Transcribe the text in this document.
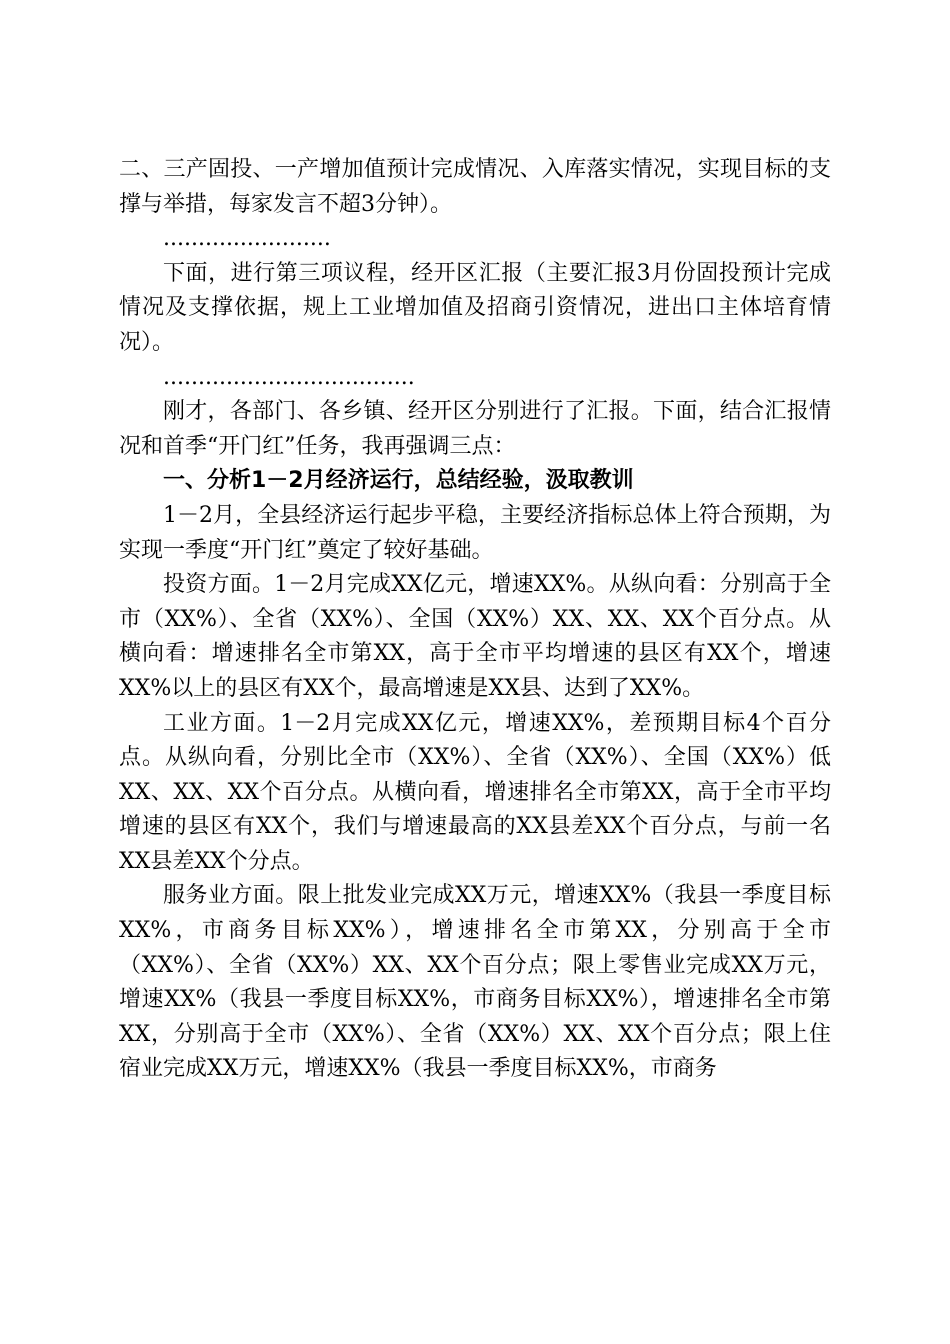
二、三产固投、一产增加值预计完成情况、入库落实情况，实现目标的支撑与举措，每家发言不超3分钟）。

........................

下面，进行第三项议程，经开区汇报（主要汇报3月份固投预计完成情况及支撑依据，规上工业增加值及招商引资情况，进出口主体培育情况）。

....................................

刚才，各部门、各乡镇、经开区分别进行了汇报。下面，结合汇报情况和首季“开门红”任务，我再强调三点：

一、分析1－2月经济运行，总结经验，汲取教训

1－2月，全县经济运行起步平稳，主要经济指标总体上符合预期，为实现一季度“开门红”奠定了较好基础。

投资方面。1－2月完成XX亿元，增速XX%。从纵向看：分别高于全市（XX%）、全省（XX%）、全国（XX%）XX、XX、XX个百分点。从横向看：增速排名全市第XX，高于全市平均增速的县区有XX个，增速XX%以上的县区有XX个，最高增速是XX县、达到了XX%。

工业方面。1－2月完成XX亿元，增速XX%，差预期目标4个百分点。从纵向看，分别比全市（XX%）、全省（XX%）、全国（XX%）低XX、XX、XX个百分点。从横向看，增速排名全市第XX，高于全市平均增速的县区有XX个，我们与增速最高的XX县差XX个百分点，与前一名XX县差XX个分点。

服务业方面。限上批发业完成XX万元，增速XX%（我县一季度目标XX%，市商务目标XX%），增速排名全市第XX，分别高于全市（XX%）、全省（XX%）XX、XX个百分点；限上零售业完成XX万元，增速XX%（我县一季度目标XX%，市商务目标XX%），增速排名全市第XX，分别高于全市（XX%）、全省（XX%）XX、XX个百分点；限上住宿业完成XX万元，增速XX%（我县一季度目标XX%，市商务
